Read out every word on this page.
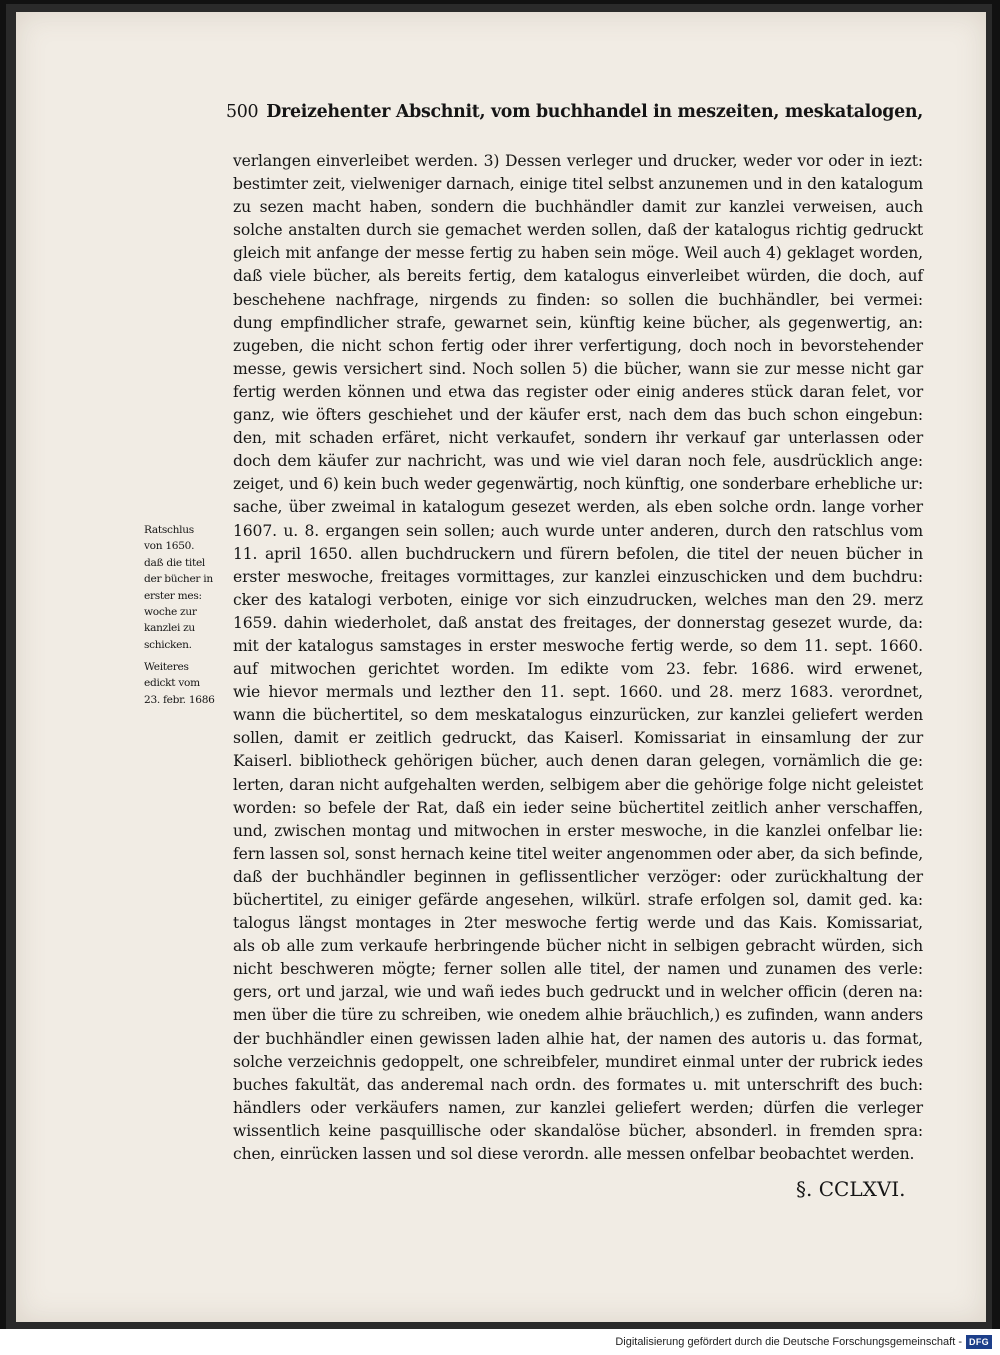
500 Dreizehenter Abschnit, vom buchhandel in meszeiten, meskatalogen,
verlangen einverleibet werden. 3) Dessen verleger und drucker, weder vor oder in iezt:
bestimter zeit, vielweniger darnach, einige titel selbst anzunemen und in den katalogum
zu sezen macht haben, sondern die buchhändler damit zur kanzlei verweisen, auch
solche anstalten durch sie gemachet werden sollen, daß der katalogus richtig gedruckt
gleich mit anfange der messe fertig zu haben sein möge. Weil auch 4) geklaget worden,
daß viele bücher, als bereits fertig, dem katalogus einverleibet würden, die doch, auf
beschehene nachfrage, nirgends zu finden: so sollen die buchhändler, bei vermei:
dung empfindlicher strafe, gewarnet sein, künftig keine bücher, als gegenwertig, an:
zugeben, die nicht schon fertig oder ihrer verfertigung, doch noch in bevorstehender
messe, gewis versichert sind. Noch sollen 5) die bücher, wann sie zur messe nicht gar
fertig werden können und etwa das register oder einig anderes stück daran felet, vor
ganz, wie öfters geschiehet und der käufer erst, nach dem das buch schon eingebun:
den, mit schaden erfäret, nicht verkaufet, sondern ihr verkauf gar unterlassen oder
doch dem käufer zur nachricht, was und wie viel daran noch fele, ausdrücklich ange:
zeiget, und 6) kein buch weder gegenwärtig, noch künftig, one sonderbare erhebliche ur:
sache, über zweimal in katalogum gesezet werden, als eben solche ordn. lange vorher
1607. u. 8. ergangen sein sollen; auch wurde unter anderen, durch den ratschlus vom
11. april 1650. allen buchdruckern und fürern befolen, die titel der neuen bücher in
erster meswoche, freitages vormittages, zur kanzlei einzuschicken und dem buchdru:
cker des katalogi verboten, einige vor sich einzudrucken, welches man den 29. merz
1659. dahin wiederholet, daß anstat des freitages, der donnerstag gesezet wurde, da:
mit der katalogus samstages in erster meswoche fertig werde, so dem 11. sept. 1660.
auf mitwochen gerichtet worden. Im edikte vom 23. febr. 1686. wird erwenet,
wie hievor mermals und lezther den 11. sept. 1660. und 28. merz 1683. verordnet,
wann die büchertitel, so dem meskatalogus einzurücken, zur kanzlei geliefert werden
sollen, damit er zeitlich gedruckt, das Kaiserl. Komissariat in einsamlung der zur
Kaiserl. bibliotheck gehörigen bücher, auch denen daran gelegen, vornämlich die ge:
lerten, daran nicht aufgehalten werden, selbigem aber die gehörige folge nicht geleistet
worden: so befele der Rat, daß ein ieder seine büchertitel zeitlich anher verschaffen,
und, zwischen montag und mitwochen in erster meswoche, in die kanzlei onfelbar lie:
fern lassen sol, sonst hernach keine titel weiter angenommen oder aber, da sich befinde,
daß der buchhändler beginnen in geflissentlicher verzöger: oder zurückhaltung der
büchertitel, zu einiger gefärde angesehen, wilkürl. strafe erfolgen sol, damit ged. ka:
talogus längst montages in 2ter meswoche fertig werde und das Kais. Komissariat,
als ob alle zum verkaufe herbringende bücher nicht in selbigen gebracht würden, sich
nicht beschweren mögte; ferner sollen alle titel, der namen und zunamen des verle:
gers, ort und jarzal, wie und wañ iedes buch gedruckt und in welcher officin (deren na:
men über die türe zu schreiben, wie onedem alhie bräuchlich,) es zufinden, wann anders
der buchhändler einen gewissen laden alhie hat, der namen des autoris u. das format,
solche verzeichnis gedoppelt, one schreibfeler, mundiret einmal unter der rubrick iedes
buches fakultät, das anderemal nach ordn. des formates u. mit unterschrift des buch:
händlers oder verkäufers namen, zur kanzlei geliefert werden; dürfen die verleger
wissentlich keine pasquillische oder skandalöse bücher, absonderl. in fremden spra:
chen, einrücken lassen und sol diese verordn. alle messen onfelbar beobachtet werden.
Ratschlus
von 1650.
daß die titel
der bücher in
erster mes:
woche zur
kanzlei zu
schicken.
Weiteres
edickt vom
23. febr. 1686
§. CCLXVI.
Digitalisierung gefördert durch die Deutsche Forschungsgemeinschaft - DFG
